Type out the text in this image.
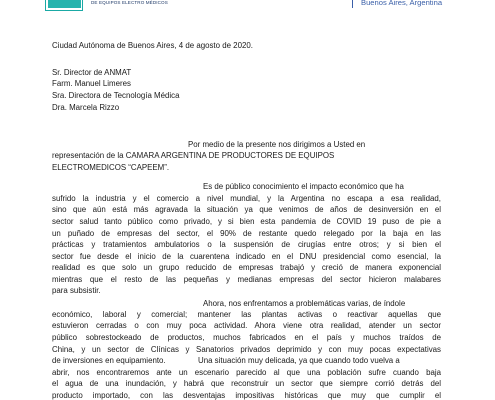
DE EQUIPOS ELECTRO MÉDICOS	Buenos Aires, Argentina
Ciudad Autónoma de Buenos Aires, 4 de agosto de 2020.
Sr. Director de ANMAT
Farm. Manuel Limeres
Sra. Directora de Tecnología Médica
Dra. Marcela Rizzo
Por medio de la presente nos dirigimos a Usted en
representación de la CAMARA ARGENTINA DE PRODUCTORES DE EQUIPOS
ELECTROMEDICOS “CAPEEM”.
Es de público conocimiento el impacto económico que ha
sufrido la industria y el comercio a nivel mundial, y la Argentina no escapa a esa realidad,
sino que aún está más agravada la situación ya que venimos de años de desinversión en el
sector salud tanto público como privado, y si bien esta pandemia de COVID 19 puso de pie a
un puñado de empresas del sector, el 90% de restante quedo relegado por la baja en las
prácticas y tratamientos ambulatorios o la suspensión de cirugías entre otros; y si bien el
sector fue desde el inicio de la cuarentena indicado en el DNU presidencial como esencial, la
realidad es que solo un grupo reducido de empresas trabajó y creció de manera exponencial
mientras que el resto de las pequeñas y medianas empresas del sector hicieron malabares
para subsistir.
Ahora, nos enfrentamos a problemáticas varias, de índole
económico, laboral y comercial; mantener las plantas activas o reactivar aquellas que
estuvieron cerradas o con muy poca actividad. Ahora viene otra realidad, atender un sector
público sobrestockeado de productos, muchos fabricados en el país y muchos traídos de
China, y un sector de Clínicas y Sanatorios privados deprimido y con muy pocas expectativas
de inversiones en equipamiento.	Una situación muy delicada, ya que cuando todo vuelva a
abrir, nos encontraremos ante un escenario parecido al que una población sufre cuando baja
el agua de una inundación, y habrá que reconstruir un sector que siempre corrió detrás del
producto importado, con las desventajas impositivas históricas que muy que cumplir el
